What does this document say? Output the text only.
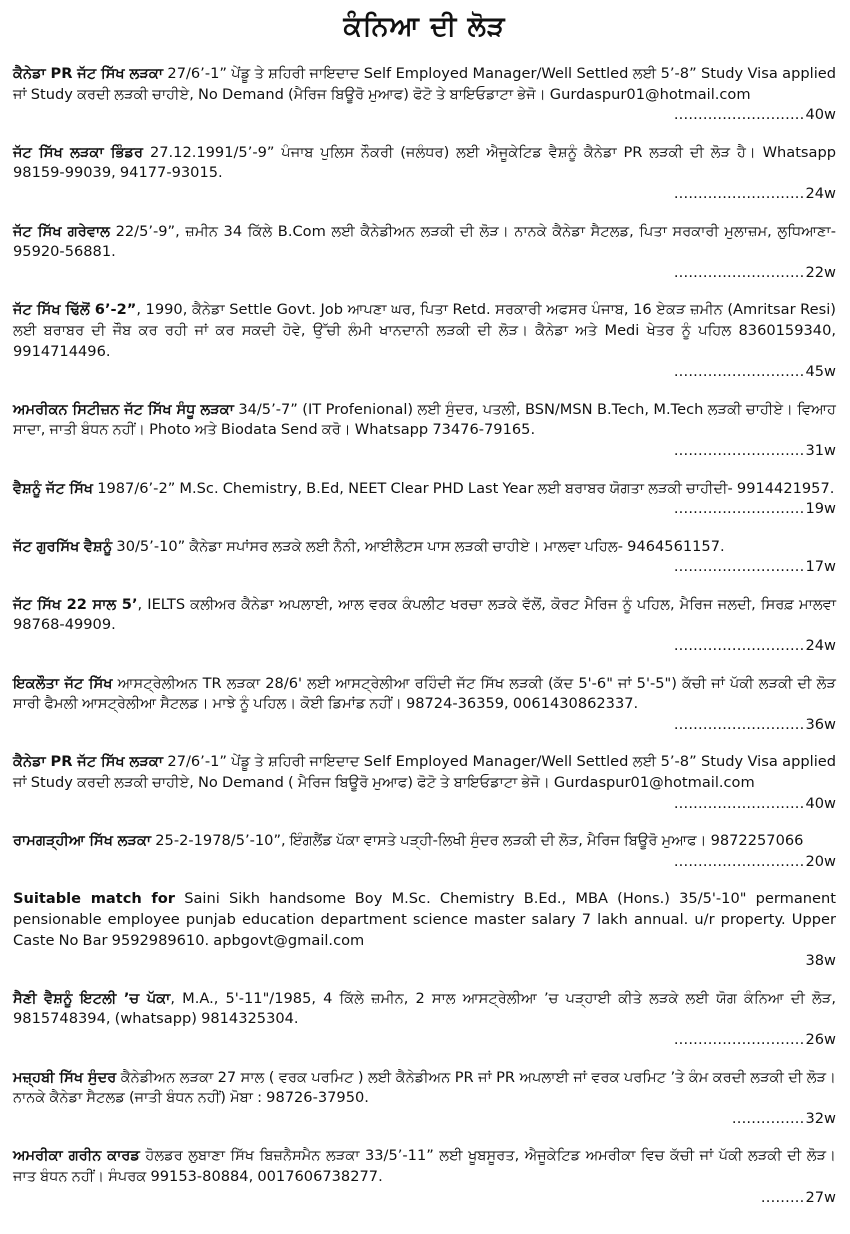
ਕੰਨਿਆ ਦੀ ਲੋੜ
ਕੈਨੇਡਾ PR ਜੱਟ ਸਿੱਖ ਲੜਕਾ 27/6’-1” ਪੇਂਡੂ ਤੇ ਸ਼ਹਿਰੀ ਜਾਇਦਾਦ Self Employed Manager/Well Settled ਲਈ 5’-8” Study Visa applied ਜਾਂ Study ਕਰਦੀ ਲੜਕੀ ਚਾਹੀਏ, No Demand (ਮੈਰਿਜ ਬਿਊਰੋ ਮੁਆਫ) ਫੋਟੋ ਤੇ ਬਾਇਓਡਾਟਾ ਭੇਜੋ। Gurdaspur01@hotmail.com
........................... 40w
ਜੱਟ ਸਿੱਖ ਲੜਕਾ ਭਿੰਡਰ 27.12.1991/5’-9” ਪੰਜਾਬ ਪੁਲਿਸ ਨੌਕਰੀ (ਜਲੰਧਰ) ਲਈ ਐਜੂਕੇਟਿਡ ਵੈਸ਼ਨੂੰ ਕੈਨੇਡਾ PR ਲੜਕੀ ਦੀ ਲੋੜ ਹੈ। Whatsapp 98159-99039, 94177-93015.
........................... 24w
ਜੱਟ ਸਿੱਖ ਗਰੇਵਾਲ 22/5’-9”, ਜ਼ਮੀਨ 34 ਕਿੱਲੇ B.Com ਲਈ ਕੈਨੇਡੀਅਨ ਲੜਕੀ ਦੀ ਲੋੜ। ਨਾਨਕੇ ਕੈਨੇਡਾ ਸੈਟਲਡ, ਪਿਤਾ ਸਰਕਾਰੀ ਮੁਲਾਜ਼ਮ, ਲੁਧਿਆਣਾ- 95920-56881.
........................... 22w
ਜੱਟ ਸਿੱਖ ਢਿੱਲੋਂ 6’-2”, 1990, ਕੈਨੇਡਾ Settle Govt. Job ਆਪਣਾ ਘਰ, ਪਿਤਾ Retd. ਸਰਕਾਰੀ ਅਫਸਰ ਪੰਜਾਬ, 16 ਏਕੜ ਜ਼ਮੀਨ (Amritsar Resi) ਲਈ ਬਰਾਬਰ ਦੀ ਜੌਬ ਕਰ ਰਹੀ ਜਾਂ ਕਰ ਸਕਦੀ ਹੋਵੇ, ਉੱਚੀ ਲੰਮੀ ਖਾਨਦਾਨੀ ਲੜਕੀ ਦੀ ਲੋੜ। ਕੈਨੇਡਾ ਅਤੇ Medi ਖੇਤਰ ਨੂੰ ਪਹਿਲ 8360159340, 9914714496.
........................... 45w
ਅਮਰੀਕਨ ਸਿਟੀਜ਼ਨ ਜੱਟ ਸਿੱਖ ਸੰਧੂ ਲੜਕਾ 34/5’-7” (IT Profenional) ਲਈ ਸੁੰਦਰ, ਪਤਲੀ, BSN/MSN B.Tech, M.Tech ਲੜਕੀ ਚਾਹੀਏ। ਵਿਆਹ ਸਾਦਾ, ਜਾਤੀ ਬੰਧਨ ਨਹੀਂ। Photo ਅਤੇ Biodata Send ਕਰੋ। Whatsapp 73476-79165.
........................... 31w
ਵੈਸ਼ਨੂੰ ਜੱਟ ਸਿੱਖ 1987/6’-2” M.Sc. Chemistry, B.Ed, NEET Clear PHD Last Year ਲਈ ਬਰਾਬਰ ਯੋਗਤਾ ਲੜਕੀ ਚਾਹੀਦੀ- 9914421957.
........................... 19w
ਜੱਟ ਗੁਰਸਿੱਖ ਵੈਸ਼ਨੂੰ 30/5’-10” ਕੈਨੇਡਾ ਸਪਾਂਸਰ ਲੜਕੇ ਲਈ ਨੈਨੀ, ਆਈਲੈਟਸ ਪਾਸ ਲੜਕੀ ਚਾਹੀਏ। ਮਾਲਵਾ ਪਹਿਲ- 9464561157.
........................... 17w
ਜੱਟ ਸਿੱਖ 22 ਸਾਲ 5’, IELTS ਕਲੀਅਰ ਕੈਨੇਡਾ ਅਪਲਾਈ, ਆਲ ਵਰਕ ਕੰਪਲੀਟ ਖਰਚਾ ਲੜਕੇ ਵੱਲੋਂ, ਕੋਰਟ ਮੈਰਿਜ ਨੂੰ ਪਹਿਲ, ਮੈਰਿਜ ਜਲਦੀ, ਸਿਰਫ਼ ਮਾਲਵਾ 98768-49909.
........................... 24w
ਇਕਲੌਤਾ ਜੱਟ ਸਿੱਖ ਆਸਟ੍ਰੇਲੀਅਨ TR ਲੜਕਾ 28/6' ਲਈ ਆਸਟ੍ਰੇਲੀਆ ਰਹਿੰਦੀ ਜੱਟ ਸਿੱਖ ਲੜਕੀ (ਕੱਦ 5'-6" ਜਾਂ 5'-5") ਕੱਚੀ ਜਾਂ ਪੱਕੀ ਲੜਕੀ ਦੀ ਲੋੜ ਸਾਰੀ ਫੈਮਲੀ ਆਸਟ੍ਰੇਲੀਆ ਸੈਟਲਡ। ਮਾਝੇ ਨੂੰ ਪਹਿਲ। ਕੋਈ ਡਿਮਾਂਡ ਨਹੀਂ। 98724-36359, 0061430862337.
........................... 36w
ਕੈਨੇਡਾ PR ਜੱਟ ਸਿੱਖ ਲੜਕਾ 27/6’-1” ਪੇਂਡੂ ਤੇ ਸ਼ਹਿਰੀ ਜਾਇਦਾਦ Self Employed Manager/Well Settled ਲਈ 5’-8” Study Visa applied ਜਾਂ Study ਕਰਦੀ ਲੜਕੀ ਚਾਹੀਏ, No Demand ( ਮੈਰਿਜ ਬਿਊਰੋ ਮੁਆਫ) ਫੋਟੋ ਤੇ ਬਾਇਓਡਾਟਾ ਭੇਜੋ। Gurdaspur01@hotmail.com
........................... 40w
ਰਾਮਗੜ੍ਹੀਆ ਸਿੱਖ ਲੜਕਾ 25-2-1978/5’-10”, ਇੰਗਲੈਂਡ ਪੱਕਾ ਵਾਸਤੇ ਪੜ੍ਹੀ-ਲਿਖੀ ਸੁੰਦਰ ਲੜਕੀ ਦੀ ਲੋੜ, ਮੈਰਿਜ ਬਿਊਰੋ ਮੁਆਫ। 9872257066
........................... 20w
Suitable match for Saini Sikh handsome Boy M.Sc. Chemistry B.Ed., MBA (Hons.) 35/5'-10" permanent pensionable employee punjab education department science master salary 7 lakh annual. u/r property. Upper Caste No Bar 9592989610. apbgovt@gmail.com
38w
ਸੈਣੀ ਵੈਸ਼ਨੂੰ ਇਟਲੀ ’ਚ ਪੱਕਾ, M.A., 5'-11"/1985, 4 ਕਿੱਲੇ ਜ਼ਮੀਨ, 2 ਸਾਲ ਆਸਟ੍ਰੇਲੀਆ ’ਚ ਪੜ੍ਹਾਈ ਕੀਤੇ ਲੜਕੇ ਲਈ ਯੋਗ ਕੰਨਿਆ ਦੀ ਲੋੜ, 9815748394, (whatsapp) 9814325304.
........................... 26w
ਮਜ਼੍ਹਬੀ ਸਿੱਖ ਸੁੰਦਰ ਕੈਨੇਡੀਅਨ ਲੜਕਾ 27 ਸਾਲ ( ਵਰਕ ਪਰਮਿਟ ) ਲਈ ਕੈਨੇਡੀਅਨ PR ਜਾਂ PR ਅਪਲਾਈ ਜਾਂ ਵਰਕ ਪਰਮਿਟ ’ਤੇ ਕੰਮ ਕਰਦੀ ਲੜਕੀ ਦੀ ਲੋੜ। ਨਾਨਕੇ ਕੈਨੇਡਾ ਸੈਟਲਡ (ਜਾਤੀ ਬੰਧਨ ਨਹੀਂ) ਮੋਬਾ : 98726-37950.
............... 32w
ਅਮਰੀਕਾ ਗਰੀਨ ਕਾਰਡ ਹੋਲਡਰ ਲੁਬਾਣਾ ਸਿੱਖ ਬਿਜ਼ਨੈਸਮੈਨ ਲੜਕਾ 33/5’-11” ਲਈ ਖੂਬਸੂਰਤ, ਐਜੂਕੇਟਿਡ ਅਮਰੀਕਾ ਵਿਚ ਕੱਚੀ ਜਾਂ ਪੱਕੀ ਲੜਕੀ ਦੀ ਲੋੜ। ਜਾਤ ਬੰਧਨ ਨਹੀਂ। ਸੰਪਰਕ 99153-80884, 0017606738277.
......... 27w
